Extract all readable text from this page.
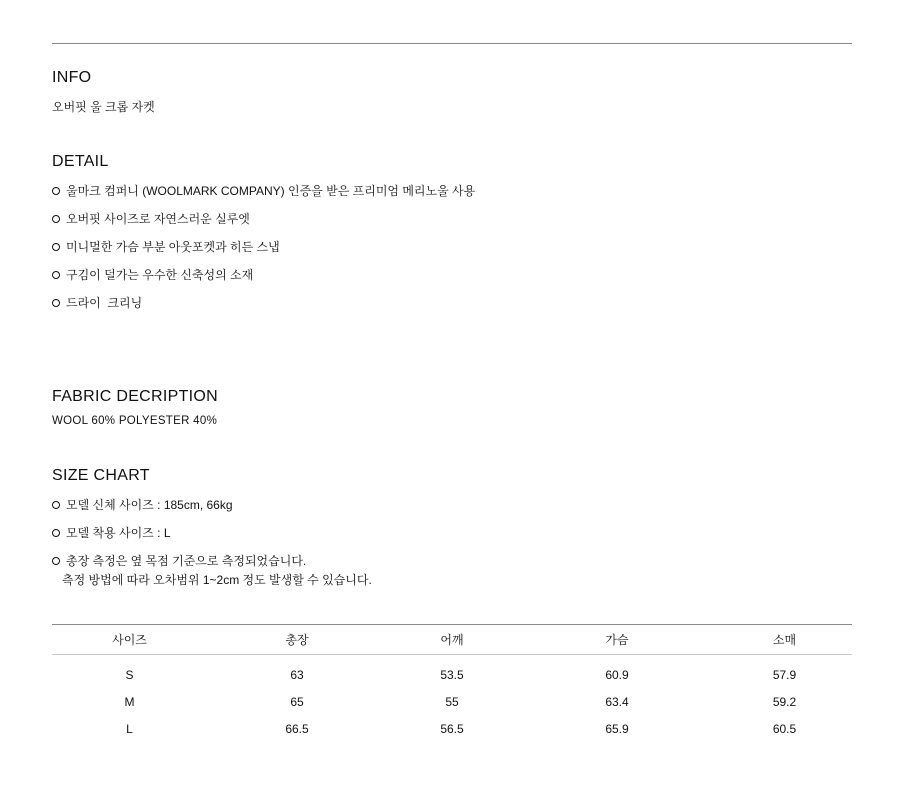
INFO
오버핏 울 크롭 자켓
DETAIL
울마크 컴퍼니 (WOOLMARK COMPANY) 인증을 받은 프리미엄 메리노울 사용
오버핏 사이즈로 자연스러운 실루엣
미니멀한 가슴 부분 아웃포켓과 히든 스냅
구김이 덜가는 우수한 신축성의 소재
드라이  크리닝
FABRIC DECRIPTION
WOOL 60% POLYESTER 40%
SIZE CHART
모델 신체 사이즈 : 185cm, 66kg
모델 착용 사이즈 : L
총장 측정은 옆 목점 기준으로 측정되었습니다.
측정 방법에 따라 오차범위 1~2cm 정도 발생할 수 있습니다.
사이즈	총장	어깨	가슴	소매
S	63	53.5	60.9	57.9
M	65	55	63.4	59.2
L	66.5	56.5	65.9	60.5
